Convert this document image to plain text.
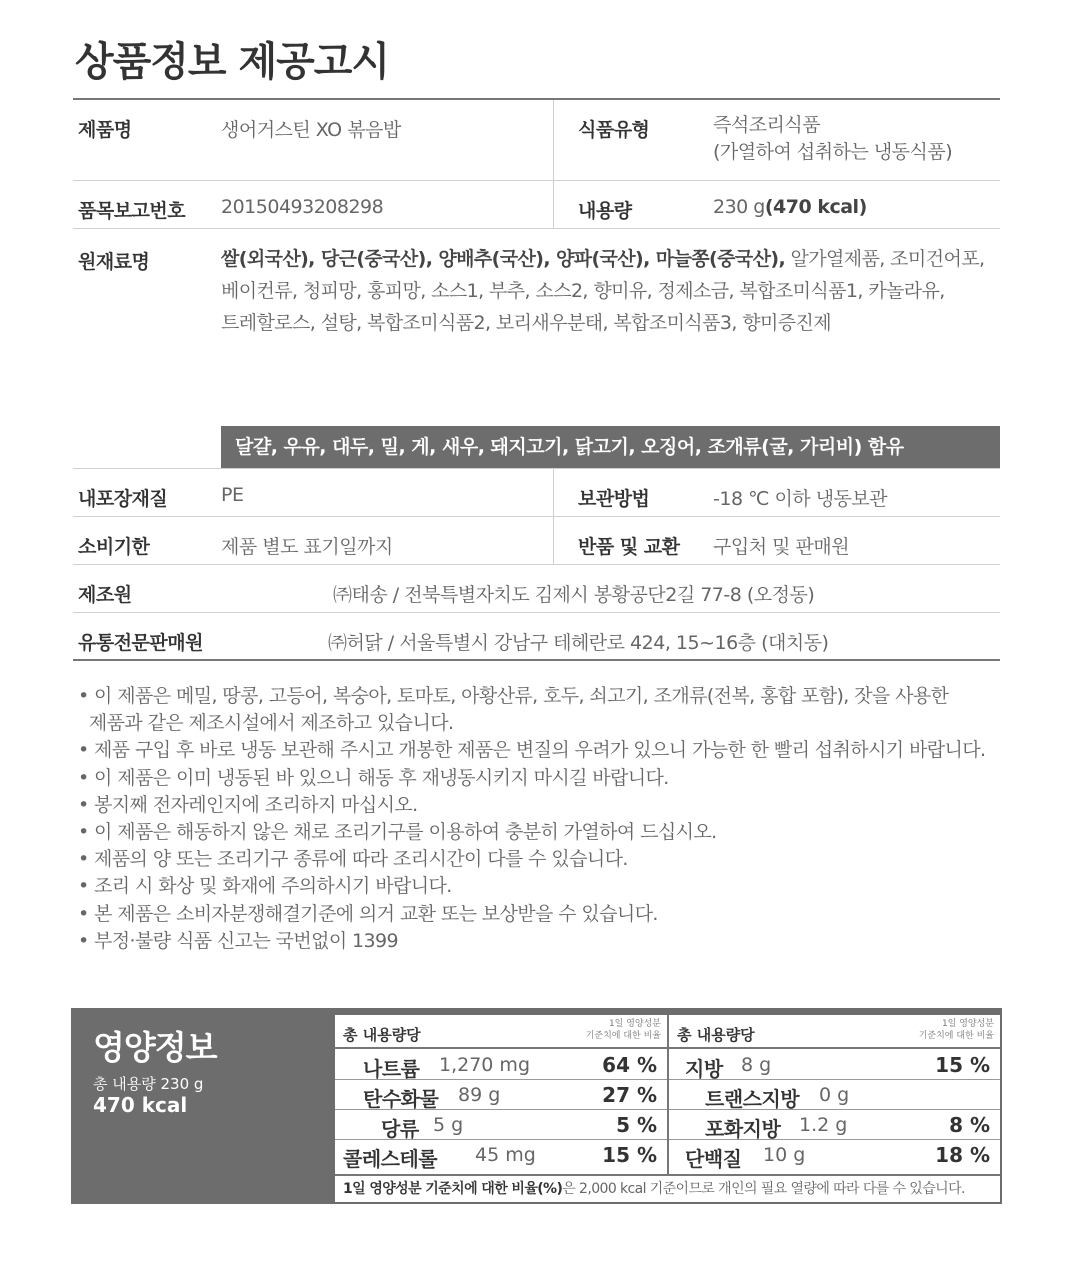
상품정보 제공고시
제품명	생어거스틴 XO 볶음밥	식품유형	즉석조리식품
(가열하여 섭취하는 냉동식품)
품목보고번호 20150493208298	내용량	230 g(470 kcal)
원재료명	쌀(외국산), 당근(중국산), 양배추(국산), 양파(국산), 마늘쫑(중국산), 알가열제품, 조미건어포,
베이컨류, 청피망, 홍피망, 소스1, 부추, 소스2, 향미유, 정제소금, 복합조미식품1, 카놀라유,
트레할로스, 설탕, 복합조미식품2, 보리새우분태, 복합조미식품3, 향미증진제
달걀, 우유, 대두, 밀, 게, 새우, 돼지고기, 닭고기, 오징어, 조개류(굴, 가리비) 함유
내포장재질	PE	보관방법	-18 ℃ 이하 냉동보관
소비기한	제품 별도 표기일까지	반품 및 교환 구입처 및 판매원
제조원	㈜태송 / 전북특별자치도 김제시 봉황공단2길 77-8 (오정동)
유통전문판매원	㈜허닭 / 서울특별시 강남구 테헤란로 424, 15~16층 (대치동)
• 이 제품은 메밀, 땅콩, 고등어, 복숭아, 토마토, 아황산류, 호두, 쇠고기, 조개류(전복, 홍합 포함), 잣을 사용한
제품과 같은 제조시설에서 제조하고 있습니다.
• 제품 구입 후 바로 냉동 보관해 주시고 개봉한 제품은 변질의 우려가 있으니 가능한 한 빨리 섭취하시기 바랍니다.
• 이 제품은 이미 냉동된 바 있으니 해동 후 재냉동시키지 마시길 바랍니다.
• 봉지째 전자레인지에 조리하지 마십시오.
• 이 제품은 해동하지 않은 채로 조리기구를 이용하여 충분히 가열하여 드십시오.
• 제품의 양 또는 조리기구 종류에 따라 조리시간이 다를 수 있습니다.
• 조리 시 화상 및 화재에 주의하시기 바랍니다.
• 본 제품은 소비자분쟁해결기준에 의거 교환 또는 보상받을 수 있습니다.
• 부정·불량 식품 신고는 국번없이 1399
영양정보
총 내용량 230 g
470 kcal
총 내용량당
1일 영양성분
기준치에 대한 비율
나트륨 1,270 mg	64 %
탄수화물 89 g	27 %
당류 5 g	5 %
콜레스테롤 45 mg	15 %
총 내용량당
1일 영양성분
기준치에 대한 비율
지방 8 g	15 %
트랜스지방 0 g
포화지방 1.2 g	8 %
단백질 10 g	18 %
1일 영양성분 기준치에 대한 비율(%)은 2,000 kcal 기준이므로 개인의 필요 열량에 따라 다를 수 있습니다.
